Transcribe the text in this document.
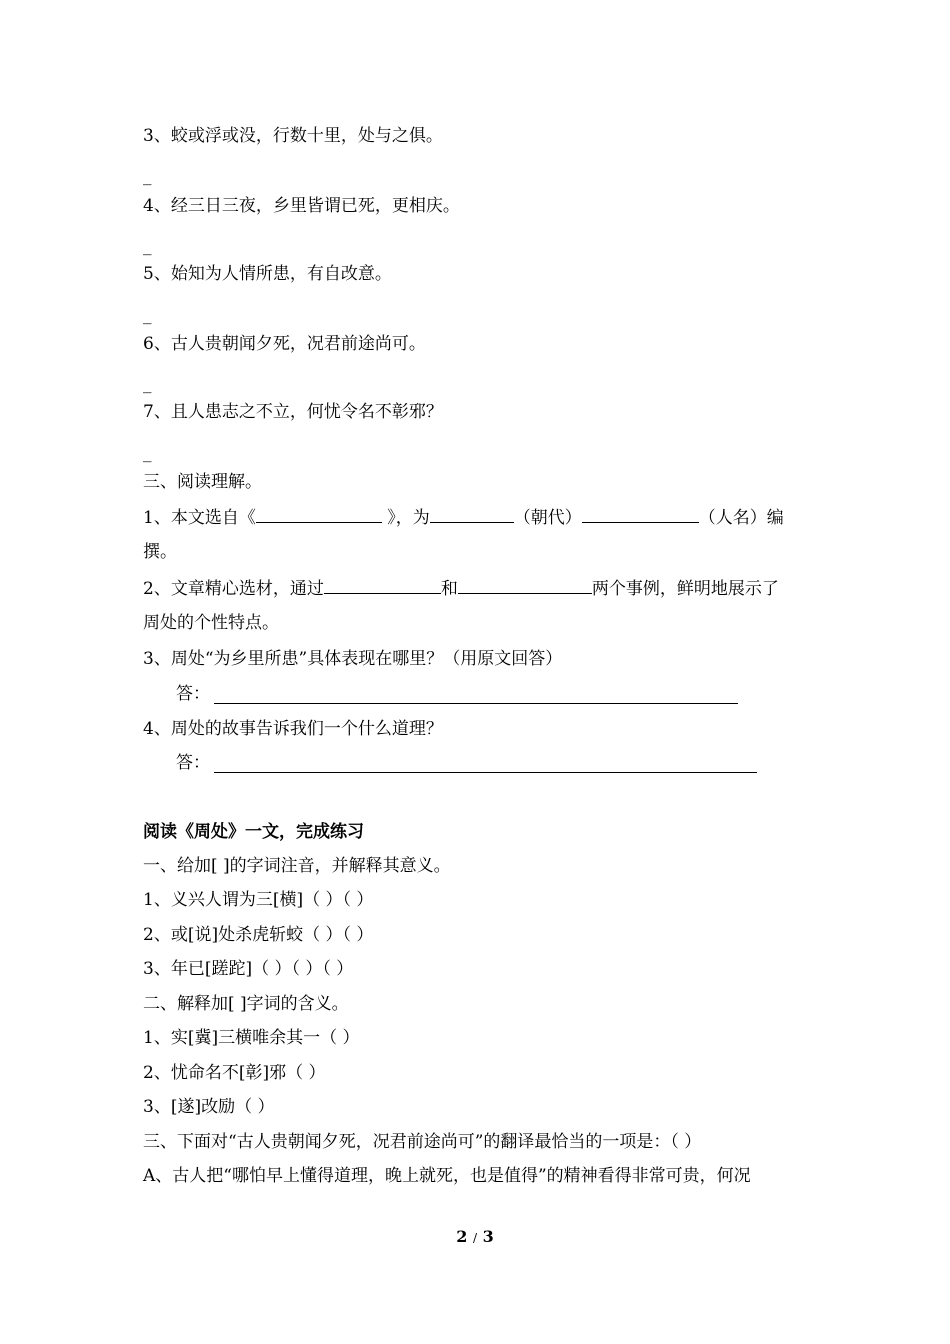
3、蛟或浮或没，行数十里，处与之俱。
_
4、经三日三夜，乡里皆谓已死，更相庆。
_
5、始知为人情所患，有自改意。
_
6、古人贵朝闻夕死，况君前途尚可。
_
7、且人患志之不立，何忧令名不彰邪？
_
三、阅读理解。
1、本文选自《	》，为	（朝代）	（人名）编
撰。
2、文章精心选材，通过	和	两个事例，鲜明地展示了
周处的个性特点。
3、周处“为乡里所患”具体表现在哪里？（用原文回答）
答：
4、周处的故事告诉我们一个什么道理？
答：
阅读《周处》一文，完成练习
一、给加[ ]的字词注音，并解释其意义。
1、义兴人谓为三[横]（ ）（ ）
2、或[说]处杀虎斩蛟（ ）（ ）
3、年已[蹉跎]（ ）（ ）（ ）
二、解释加[ ]字词的含义。
1、实[冀]三横唯余其一（ ）
2、忧命名不[彰]邪（ ）
3、[遂]改励（ ）
三、下面对“古人贵朝闻夕死，况君前途尚可”的翻译最恰当的一项是：（ ）
A、古人把“哪怕早上懂得道理，晚上就死，也是值得”的精神看得非常可贵，何况
2 / 3
